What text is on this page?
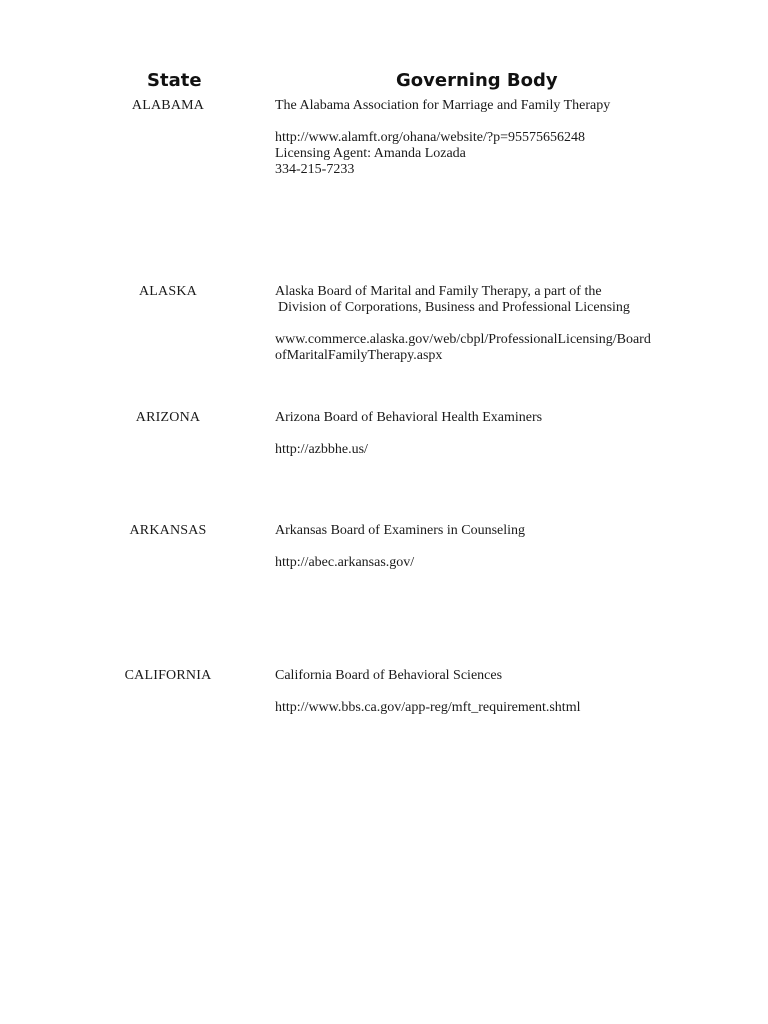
State	Governing Body
ALABAMA	The Alabama Association for Marriage and Family Therapy
http://www.alamft.org/ohana/website/?p=95575656248
Licensing Agent: Amanda Lozada
334-215-7233
ALASKA	Alaska Board of Marital and Family Therapy, a part of the
Division of Corporations, Business and Professional Licensing
www.commerce.alaska.gov/web/cbpl/ProfessionalLicensing/Board
ofMaritalFamilyTherapy.aspx
ARIZONA	Arizona Board of Behavioral Health Examiners
http://azbbhe.us/
ARKANSAS	Arkansas Board of Examiners in Counseling
http://abec.arkansas.gov/
CALIFORNIA	California Board of Behavioral Sciences
http://www.bbs.ca.gov/app-reg/mft_requirement.shtml
